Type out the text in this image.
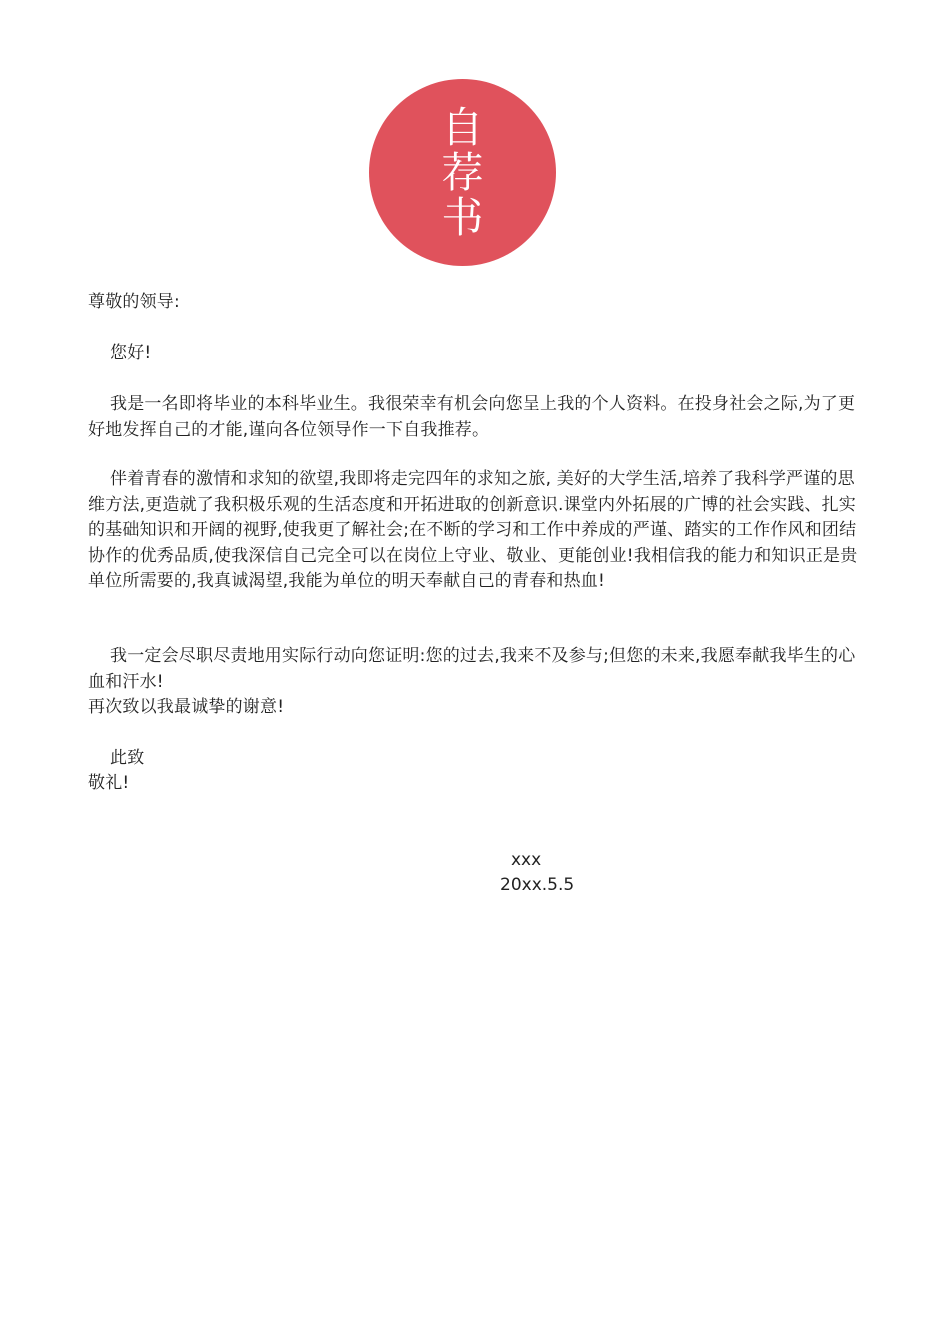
自
荐
书

尊敬的领导:

您好!

我是一名即将毕业的本科毕业生。我很荣幸有机会向您呈上我的个人资料。在投身社会之际,为了更好地发挥自己的才能,谨向各位领导作一下自我推荐。

伴着青春的激情和求知的欲望,我即将走完四年的求知之旅, 美好的大学生活,培养了我科学严谨的思维方法,更造就了我积极乐观的生活态度和开拓进取的创新意识.课堂内外拓展的广博的社会实践、扎实的基础知识和开阔的视野,使我更了解社会;在不断的学习和工作中养成的严谨、踏实的工作作风和团结协作的优秀品质,使我深信自己完全可以在岗位上守业、敬业、更能创业!我相信我的能力和知识正是贵单位所需要的,我真诚渴望,我能为单位的明天奉献自己的青春和热血!

我一定会尽职尽责地用实际行动向您证明:您的过去,我来不及参与;但您的未来,我愿奉献我毕生的心血和汗水!

再次致以我最诚挚的谢意!

此致

敬礼!

xxx

20xx.5.5
